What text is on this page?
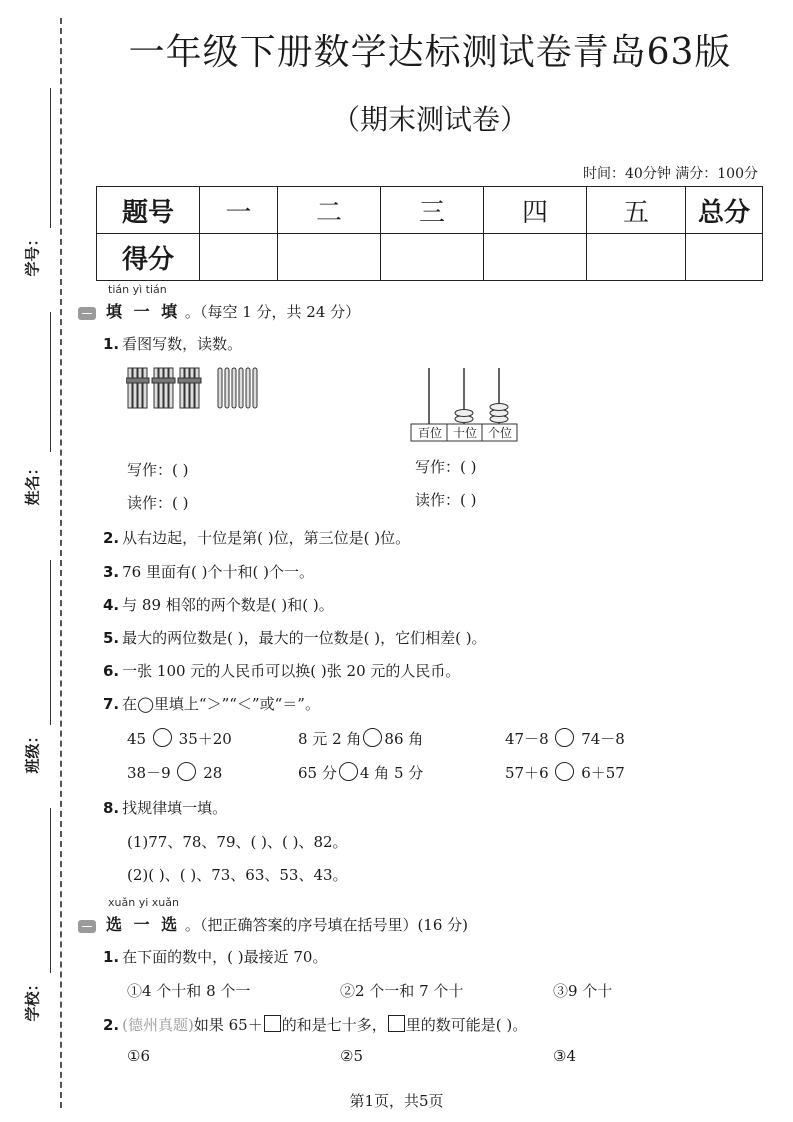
学号：
姓名：
班级：
学校：
一年级下册数学达标测试卷青岛63版
（期末测试卷）
时间：40分钟 满分：100分
题号	一	二	三	四	五	总分
得分						
tián yì tián
填 一 填 。（每空 1 分，共 24 分）
1. 看图写数，读数。
百位 十位 个位
写作：( )
读作：( )
写作：( )
读作：( )
2. 从右边起，十位是第( )位，第三位是( )位。
3. 76 里面有( )个十和( )个一。
4. 与 89 相邻的两个数是( )和( )。
5. 最大的两位数是( )，最大的一位数是( )，它们相差( )。
6. 一张 100 元的人民币可以换( )张 20 元的人民币。
7. 在◯里填上“＞”“＜”或“＝”。
45 35＋20	8 元 2 角 86 角	47－8 74－8
38－9 28	65 分 4 角 5 分	57＋6 6＋57
8. 找规律填一填。
(1)77、78、79、( )、( )、82。
(2)( )、( )、73、63、53、43。
xuǎn yi xuǎn
选 一 选 。（把正确答案的序号填在括号里）(16 分)
1. 在下面的数中，( )最接近 70。
①4 个十和 8 个一	②2 个一和 7 个十	③9 个十
2. (德州真题)如果 65＋ 的和是七十多， 里的数可能是( )。
①6	②5	③4
第1页，共5页
